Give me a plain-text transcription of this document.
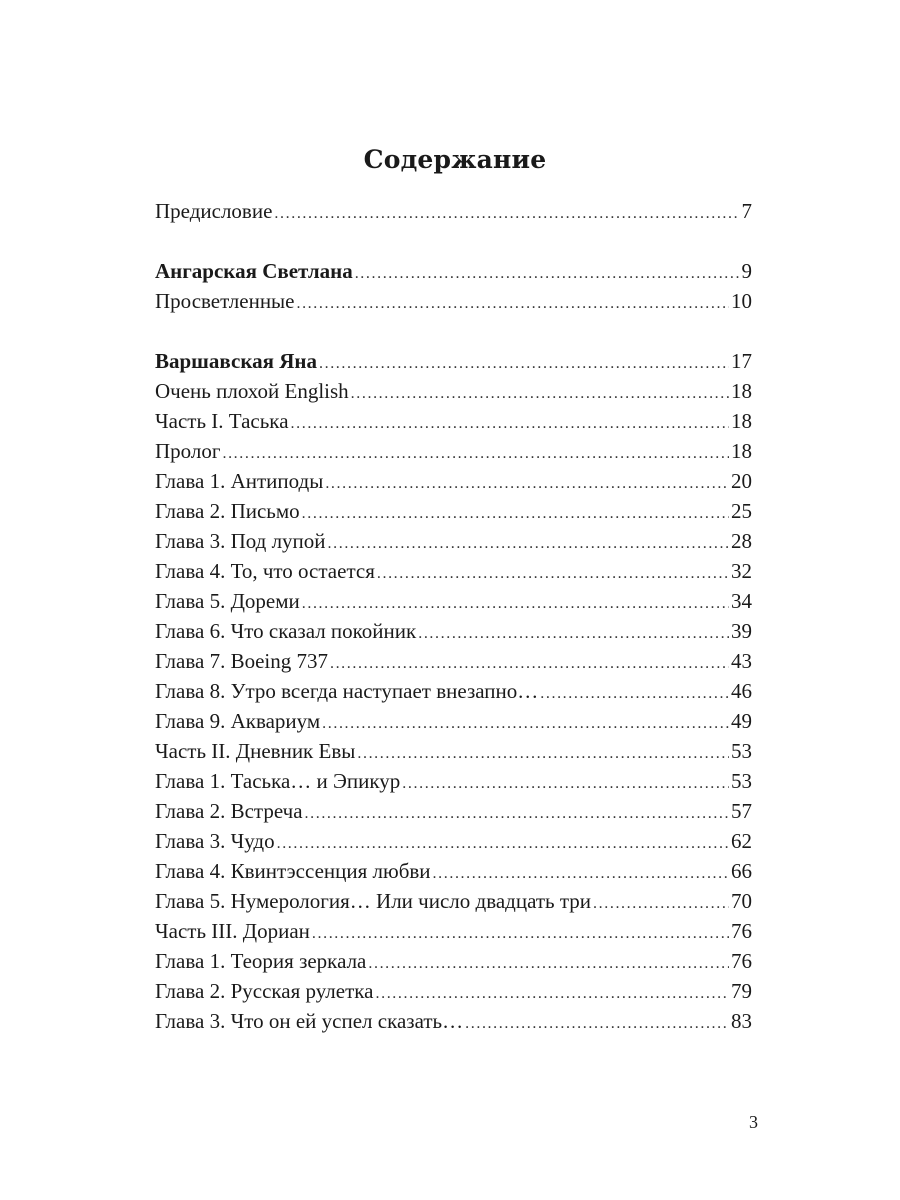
Содержание
Предисловие .....	7
Ангарская Светлана .....	9
Просветленные .....	10
Варшавская Яна .....	17
Очень плохой English .....	18
Часть I. Таська .....	18
Пролог .....	18
Глава 1. Антиподы .....	20
Глава 2. Письмо .....	25
Глава 3. Под лупой .....	28
Глава 4. То, что остается .....	32
Глава 5. Дореми .....	34
Глава 6. Что сказал покойник .....	39
Глава 7. Boeing 737 .....	43
Глава 8. Утро всегда наступает внезапно… .....	46
Глава 9. Аквариум .....	49
Часть II. Дневник Евы .....	53
Глава 1. Таська… и Эпикур .....	53
Глава 2. Встреча .....	57
Глава 3. Чудо .....	62
Глава 4. Квинтэссенция любви .....	66
Глава 5. Нумерология… Или число двадцать три .....	70
Часть III. Дориан .....	76
Глава 1. Теория зеркала .....	76
Глава 2. Русская рулетка .....	79
Глава 3. Что он ей успел сказать… .....	83
3
